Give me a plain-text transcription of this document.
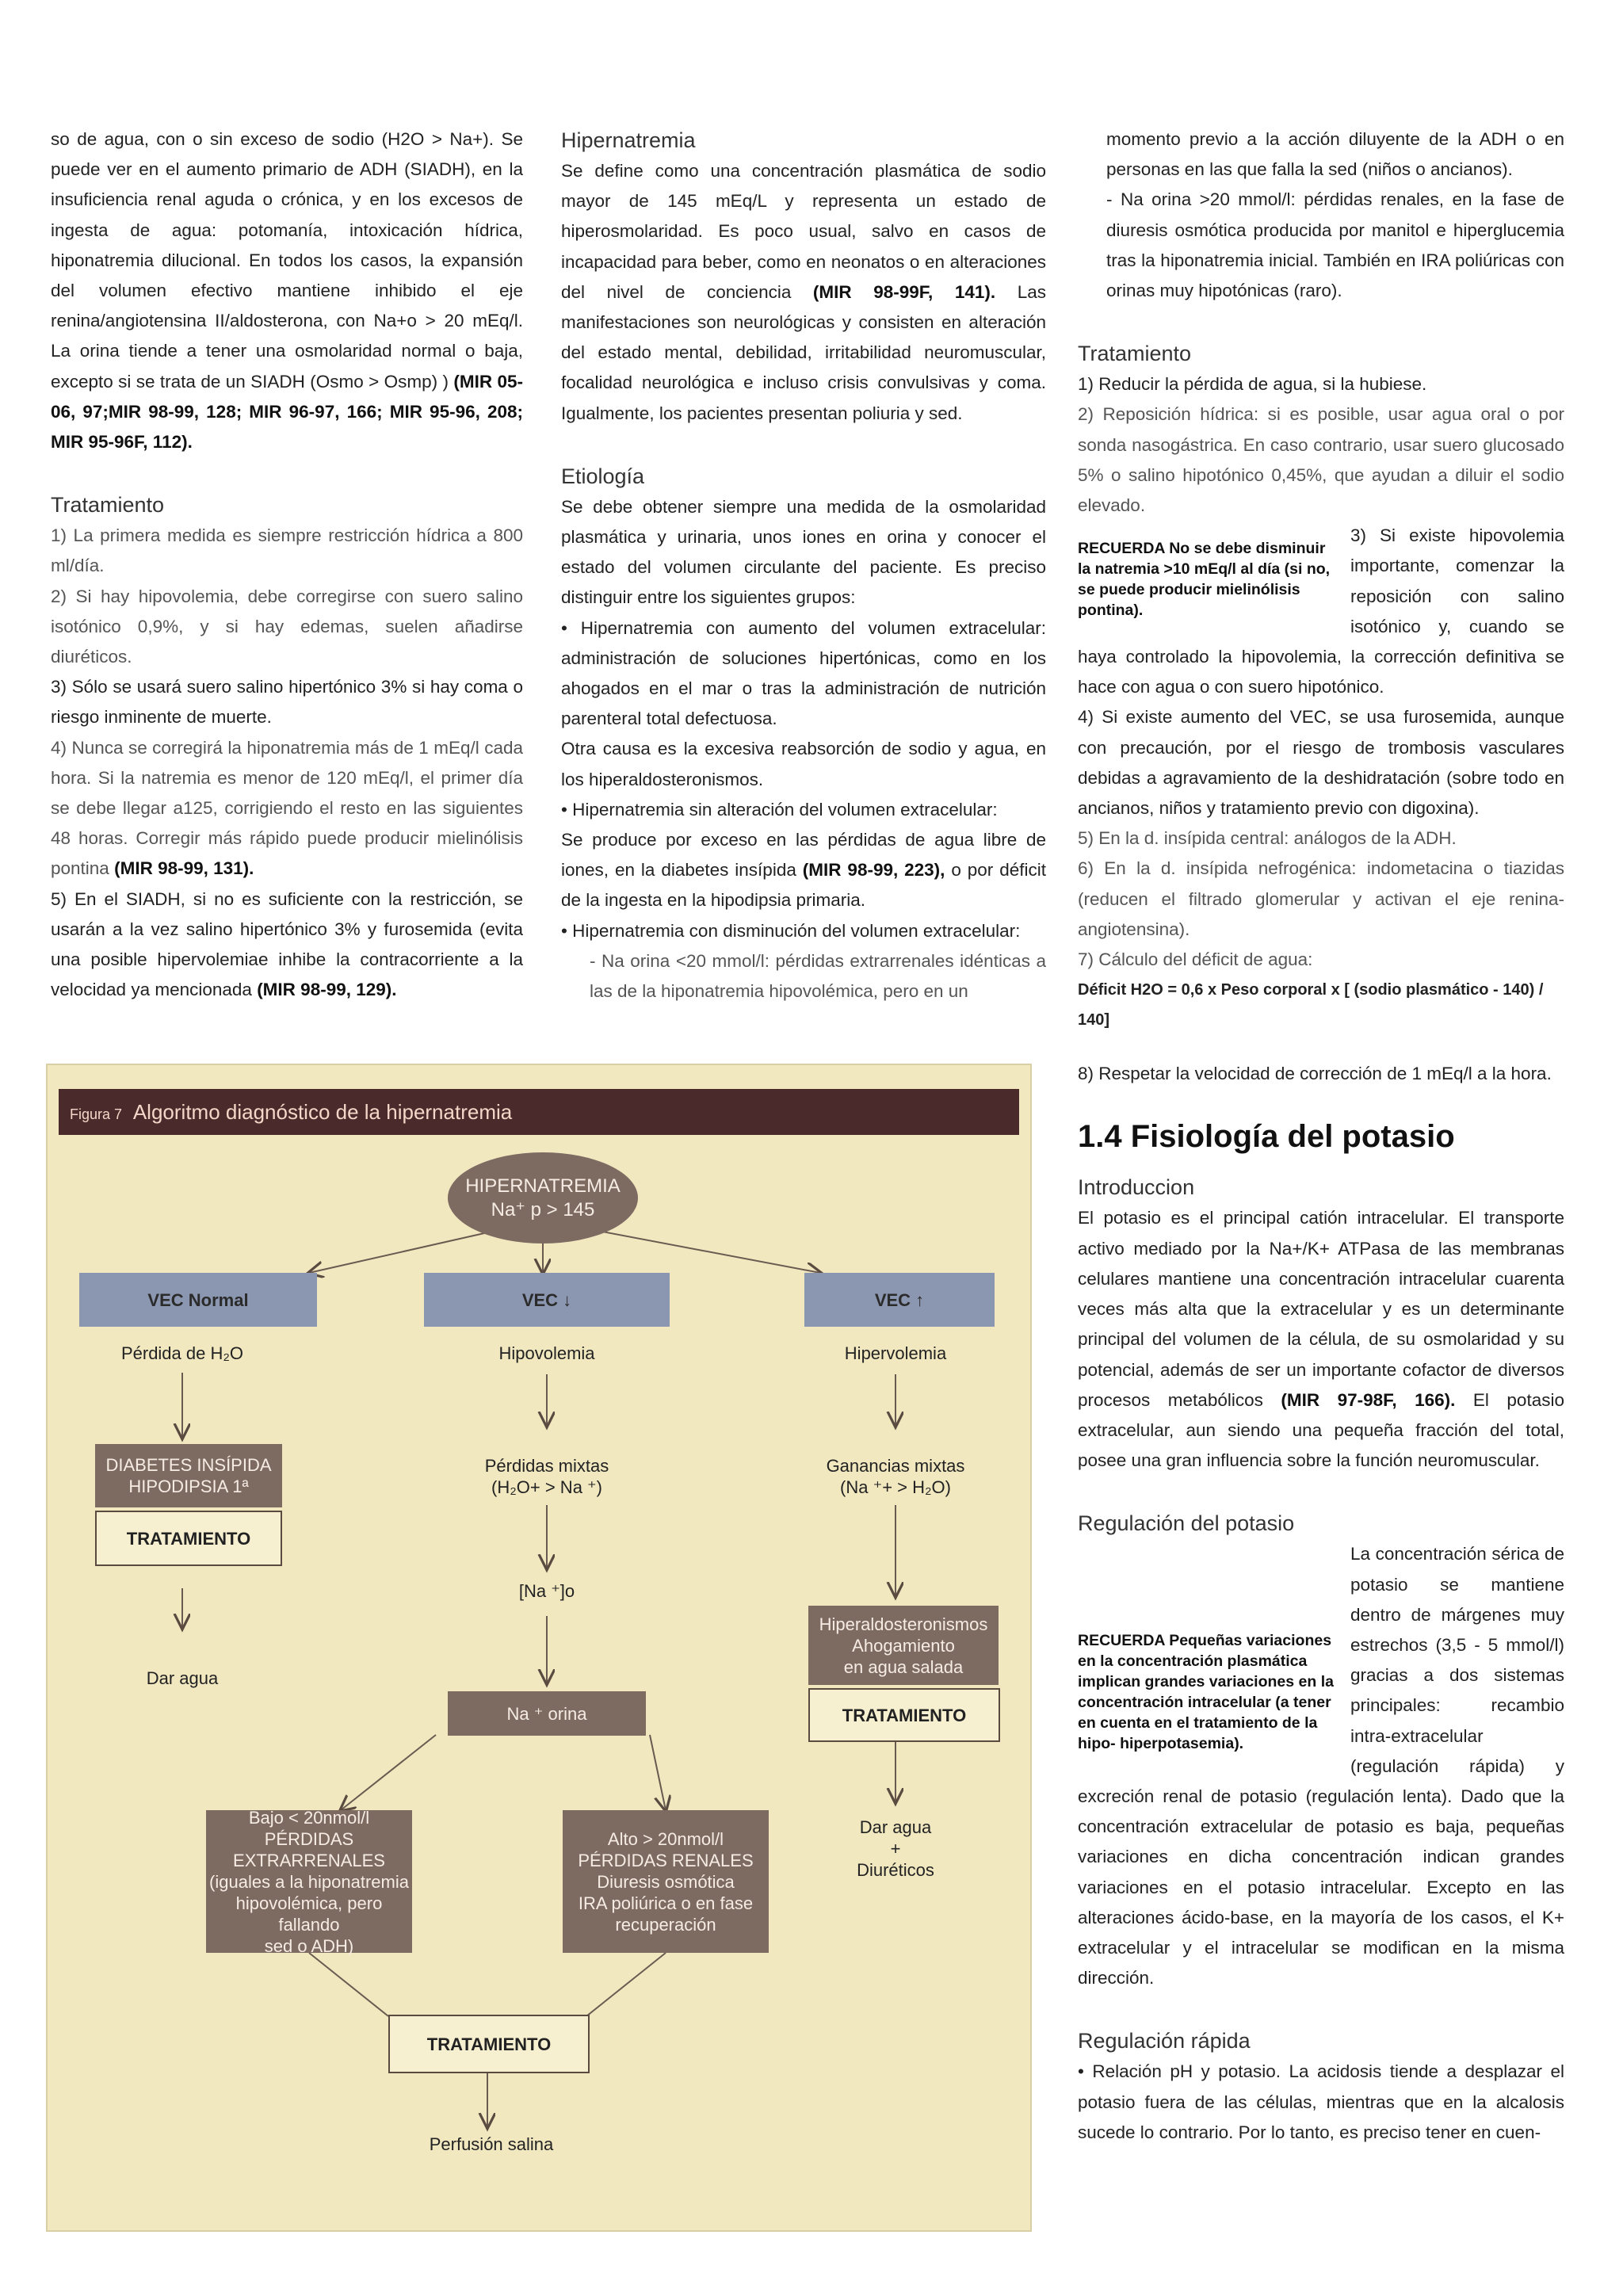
so de agua, con o sin exceso de sodio (H2O > Na+). Se puede ver en el aumento primario de ADH (SIADH), en la insuficiencia renal aguda o crónica, y en los excesos de ingesta de agua: potomanía, intoxicación hídrica, hiponatremia dilucional. En todos los casos, la expansión del volumen efectivo mantiene inhibido el eje renina/angiotensina II/aldosterona, con Na+o > 20 mEq/l. La orina tiende a tener una osmolaridad normal o baja, excepto si se trata de un SIADH (Osmo > Osmp) ) (MIR 05-06, 97;MIR 98-99, 128; MIR 96-97, 166; MIR 95-96, 208; MIR 95-96F, 112).

Tratamiento

1) La primera medida es siempre restricción hídrica a 800 ml/día.

2) Si hay hipovolemia, debe corregirse con suero salino isotónico 0,9%, y si hay edemas, suelen añadirse diuréticos.

3) Sólo se usará suero salino hipertónico 3% si hay coma o riesgo inminente de muerte.

4) Nunca se corregirá la hiponatremia más de 1 mEq/l cada hora. Si la natremia es menor de 120 mEq/l, el primer día se debe llegar a125, corrigiendo el resto en las siguientes 48 horas. Corregir más rápido puede producir mielinólisis pontina (MIR 98-99, 131).

5) En el SIADH, si no es suficiente con la restricción, se usarán a la vez salino hipertónico 3% y furosemida (evita una posible hipervolemiae inhibe la contracorriente a la velocidad ya mencionada (MIR 98-99, 129).

Hipernatremia

Se define como una concentración plasmática de sodio mayor de 145 mEq/L y representa un estado de hiperosmolaridad. Es poco usual, salvo en casos de incapacidad para beber, como en neonatos o en alteraciones del nivel de conciencia (MIR 98-99F, 141). Las manifestaciones son neurológicas y consisten en alteración del estado mental, debilidad, irritabilidad neuromuscular, focalidad neurológica e incluso crisis convulsivas y coma. Igualmente, los pacientes presentan poliuria y sed.

Etiología

Se debe obtener siempre una medida de la osmolaridad plasmática y urinaria, unos iones en orina y conocer el estado del volumen circulante del paciente. Es preciso distinguir entre los siguientes grupos:

• Hipernatremia con aumento del volumen extracelular: administración de soluciones hipertónicas, como en los ahogados en el mar o tras la administración de nutrición parenteral total defectuosa.

Otra causa es la excesiva reabsorción de sodio y agua, en los hiperaldosteronismos.

• Hipernatremia sin alteración del volumen extracelular:

Se produce por exceso en las pérdidas de agua libre de iones, en la diabetes insípida (MIR 98-99, 223), o por déficit de la ingesta en la hipodipsia primaria.

• Hipernatremia con disminución del volumen extracelular:

- Na orina <20 mmol/l: pérdidas extrarrenales idénticas a las de la hiponatremia hipovolémica, pero en un

momento previo a la acción diluyente de la ADH o en personas en las que falla la sed (niños o ancianos).

- Na orina >20 mmol/l: pérdidas renales, en la fase de diuresis osmótica producida por manitol e hiperglucemia tras la hiponatremia inicial. También en IRA poliúricas con orinas muy hipotónicas (raro).

Tratamiento

1) Reducir la pérdida de agua, si la hubiese.

2) Reposición hídrica: si es posible, usar agua oral o por sonda nasogástrica. En caso contrario, usar suero glucosado 5% o salino hipotónico 0,45%, que ayudan a diluir el sodio elevado.

RECUERDA No se debe disminuir la natremia >10 mEq/l al día (si no, se puede producir mielinólisis pontina).

3) Si existe hipovolemia importante, comenzar la reposición con salino isotónico y, cuando se haya controlado la hipovolemia, la corrección definitiva se hace con agua o con suero hipotónico.

4) Si existe aumento del VEC, se usa furosemida, aunque con precaución, por el riesgo de trombosis vasculares debidas a agravamiento de la deshidratación (sobre todo en ancianos, niños y tratamiento previo con digoxina).

5) En la d. insípida central: análogos de la ADH.

6) En la d. insípida nefrogénica: indometacina o tiazidas (reducen el filtrado glomerular y activan el eje renina-angiotensina).

7) Cálculo del déficit de agua:

Déficit H2O = 0,6 x Peso corporal x [ (sodio plasmático - 140) / 140]

8) Respetar la velocidad de corrección de 1 mEq/l a la hora.

1.4 Fisiología del potasio
Introduccion

El potasio es el principal catión intracelular. El transporte activo mediado por la Na+/K+ ATPasa de las membranas celulares mantiene una concentración intracelular cuarenta veces más alta que la extracelular y es un determinante principal del volumen de la célula, de su osmolaridad y su potencial, además de ser un importante cofactor de diversos procesos metabólicos (MIR 97-98F, 166). El potasio extracelular, aun siendo una pequeña fracción del total, posee una gran influencia sobre la función neuromuscular.

Regulación del potasio

RECUERDA Pequeñas variaciones en la concentración plasmática implican grandes variaciones en la concentración intracelular (a tener en cuenta en el tratamiento de la hipo- hiperpotasemia).
La concentración sérica de potasio se mantiene dentro de márgenes muy estrechos (3,5 - 5 mmol/l) gracias a dos sistemas principales: recambio intra-extracelular (regulación rápida) y excreción renal de potasio (regulación lenta). Dado que la concentración extracelular de potasio es baja, pequeñas variaciones en dicha concentración indican grandes variaciones en el potasio intracelular. Excepto en las alteraciones ácido-base, en la mayoría de los casos, el K+ extracelular y el intracelular se modifican en la misma dirección.

Regulación rápida

• Relación pH y potasio. La acidosis tiende a desplazar el potasio fuera de las células, mientras que en la alcalosis sucede lo contrario. Por lo tanto, es preciso tener en cuen-

Figura 7 Algoritmo diagnóstico de la hipernatremia
HIPERNATREMIA
Na⁺ p > 145
VEC Normal	VEC ↓	VEC ↑
Pérdida de H₂O	Hipovolemia	Hipervolemia
DIABETES INSÍPIDA
HIPODIPSIA 1ª
TRATAMIENTO
Dar agua
Pérdidas mixtas
(H₂O+ > Na ⁺)
Ganancias mixtas
(Na ⁺+ > H₂O)
[Na ⁺]o
Hiperaldosteronismos
Ahogamiento
en agua salada
TRATAMIENTO
Na ⁺ orina
Dar agua
+
Diuréticos
Bajo < 20nmol/l
PÉRDIDAS EXTRARRENALES
(iguales a la hiponatremia
hipovolémica, pero fallando
sed o ADH)
Alto > 20nmol/l
PÉRDIDAS RENALES
Diuresis osmótica
IRA poliúrica o en fase
recuperación
TRATAMIENTO
Perfusión salina
